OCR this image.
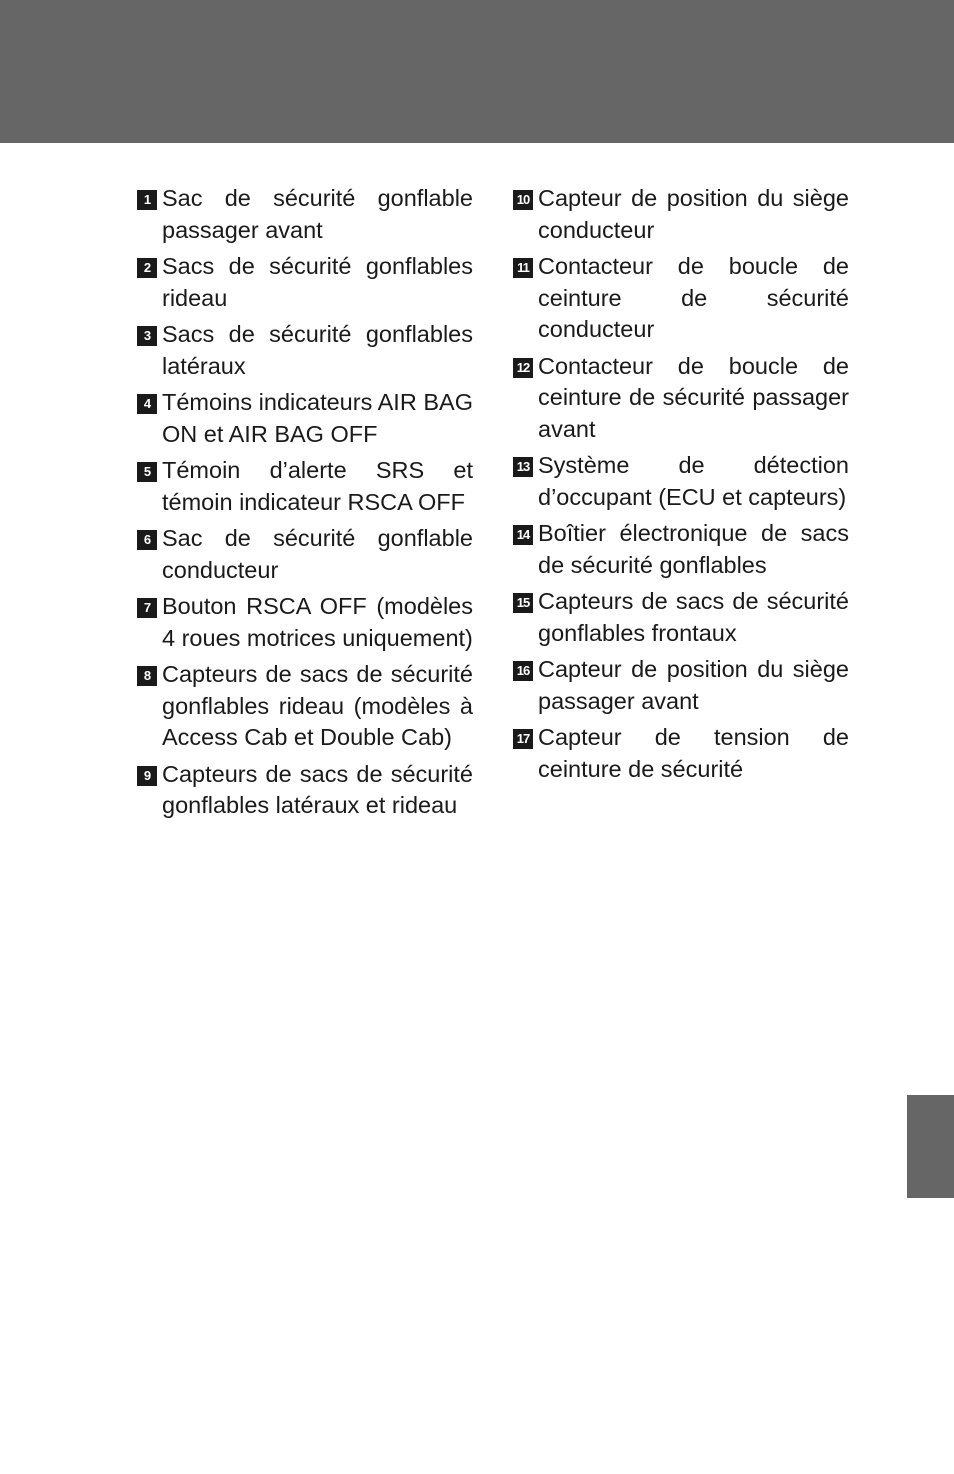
1 Sac de sécurité gonflable passager avant
2 Sacs de sécurité gonflables rideau
3 Sacs de sécurité gonflables latéraux
4 Témoins indicateurs AIR BAG ON et AIR BAG OFF
5 Témoin d’alerte SRS et témoin indicateur RSCA OFF
6 Sac de sécurité gonflable conducteur
7 Bouton RSCA OFF (modèles 4 roues motrices uniquement)
8 Capteurs de sacs de sécurité gonflables rideau (modèles à Access Cab et Double Cab)
9 Capteurs de sacs de sécurité gonflables latéraux et rideau
10 Capteur de position du siège conducteur
11 Contacteur de boucle de ceinture de sécurité conducteur
12 Contacteur de boucle de ceinture de sécurité passager avant
13 Système de détection d’occupant (ECU et capteurs)
14 Boîtier électronique de sacs de sécurité gonflables
15 Capteurs de sacs de sécurité gonflables frontaux
16 Capteur de position du siège passager avant
17 Capteur de tension de ceinture de sécurité
